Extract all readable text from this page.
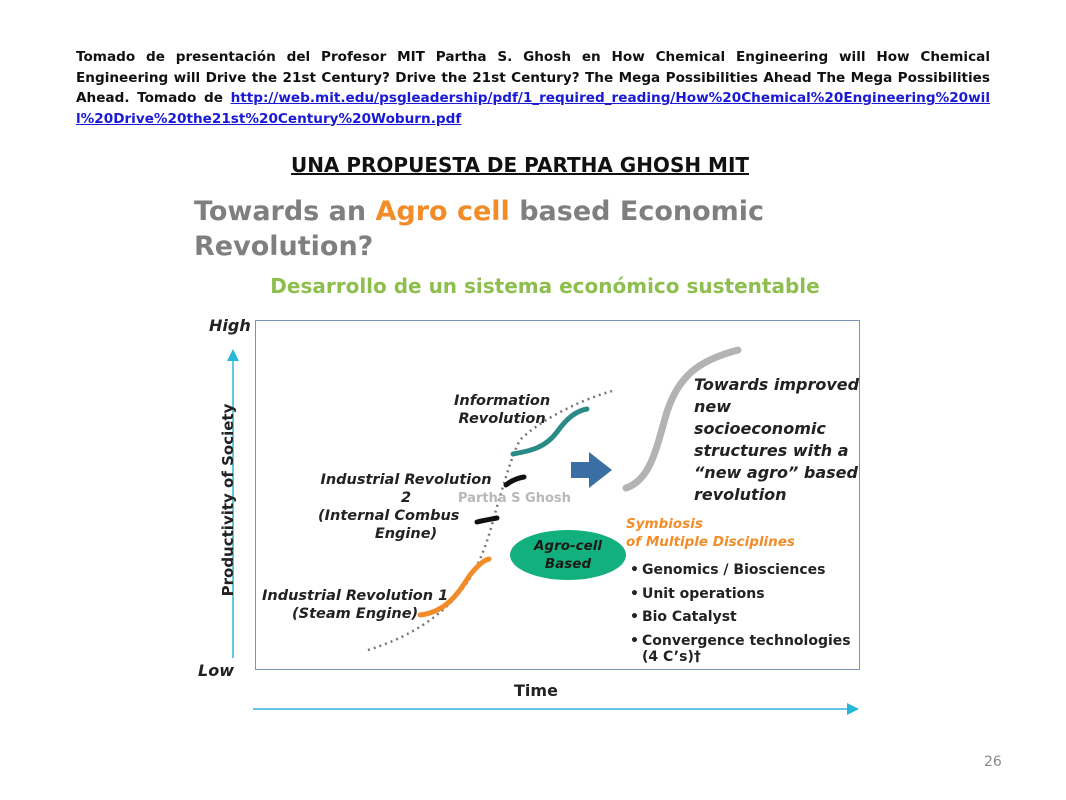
Tomado de presentación del Profesor MIT Partha S. Ghosh en How Chemical Engineering will How Chemical Engineering will Drive the 21st Century? Drive the 21st Century? The Mega Possibilities Ahead The Mega Possibilities Ahead. Tomado de http://web.mit.edu/psgleadership/pdf/1_required_reading/How%20Chemical%20Engineering%20will%20Drive%20the21st%20Century%20Woburn.pdf
UNA PROPUESTA DE PARTHA GHOSH MIT
Towards an Agro cell based Economic Revolution?
Desarrollo de un sistema económico sustentable
High
Low
Productivity of Society
Time
Information
Revolution
Industrial Revolution 2
(Internal Combus
Engine)
Partha S Ghosh
Industrial Revolution 1
(Steam Engine)
Towards improved
new
socioeconomic
structures with a
“new agro” based
revolution
Symbiosis
of Multiple Disciplines
Agro-cell
Based
•	Genomics / Biosciences
• Unit operations
• Bio Catalyst
• Convergence technologies
(4 C’s)†
26
